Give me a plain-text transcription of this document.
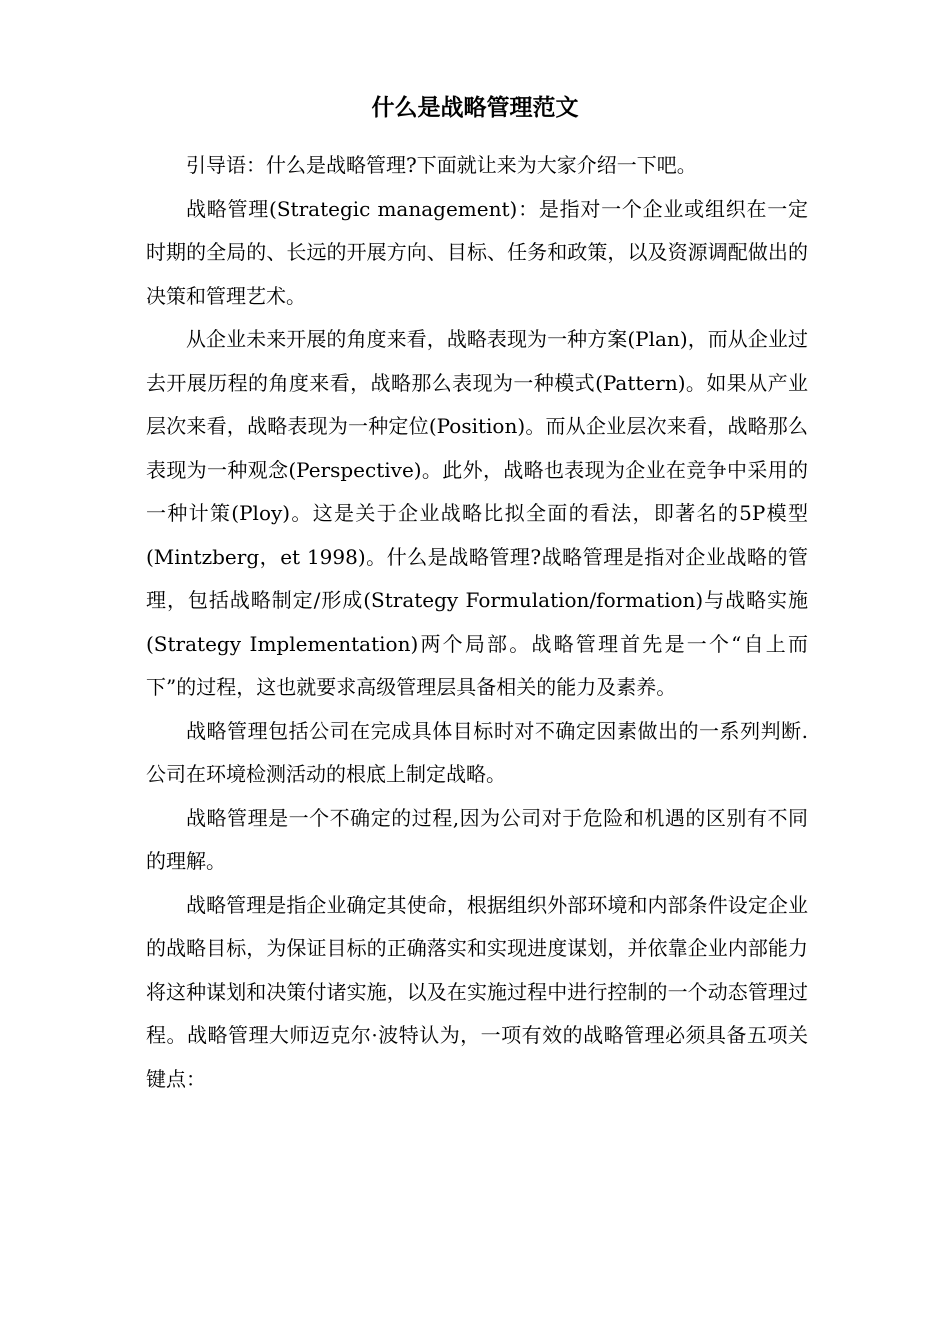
什么是战略管理范文

引导语：什么是战略管理?下面就让来为大家介绍一下吧。

战略管理(Strategic management)：是指对一个企业或组织在一定时期的全局的、长远的开展方向、目标、任务和政策，以及资源调配做出的决策和管理艺术。

从企业未来开展的角度来看，战略表现为一种方案(Plan)，而从企业过去开展历程的角度来看，战略那么表现为一种模式(Pattern)。如果从产业层次来看，战略表现为一种定位(Position)。而从企业层次来看，战略那么表现为一种观念(Perspective)。此外，战略也表现为企业在竞争中采用的一种计策(Ploy)。这是关于企业战略比拟全面的看法，即著名的5P模型(Mintzberg，et 1998)。什么是战略管理?战略管理是指对企业战略的管理，包括战略制定/形成(Strategy Formulation/formation)与战略实施(Strategy Implementation)两个局部。战略管理首先是一个“自上而下”的过程，这也就要求高级管理层具备相关的能力及素养。

战略管理包括公司在完成具体目标时对不确定因素做出的一系列判断.公司在环境检测活动的根底上制定战略。

战略管理是一个不确定的过程,因为公司对于危险和机遇的区别有不同的理解。

战略管理是指企业确定其使命，根据组织外部环境和内部条件设定企业的战略目标，为保证目标的正确落实和实现进度谋划，并依靠企业内部能力将这种谋划和决策付诸实施，以及在实施过程中进行控制的一个动态管理过程。战略管理大师迈克尔·波特认为，一项有效的战略管理必须具备五项关键点：
